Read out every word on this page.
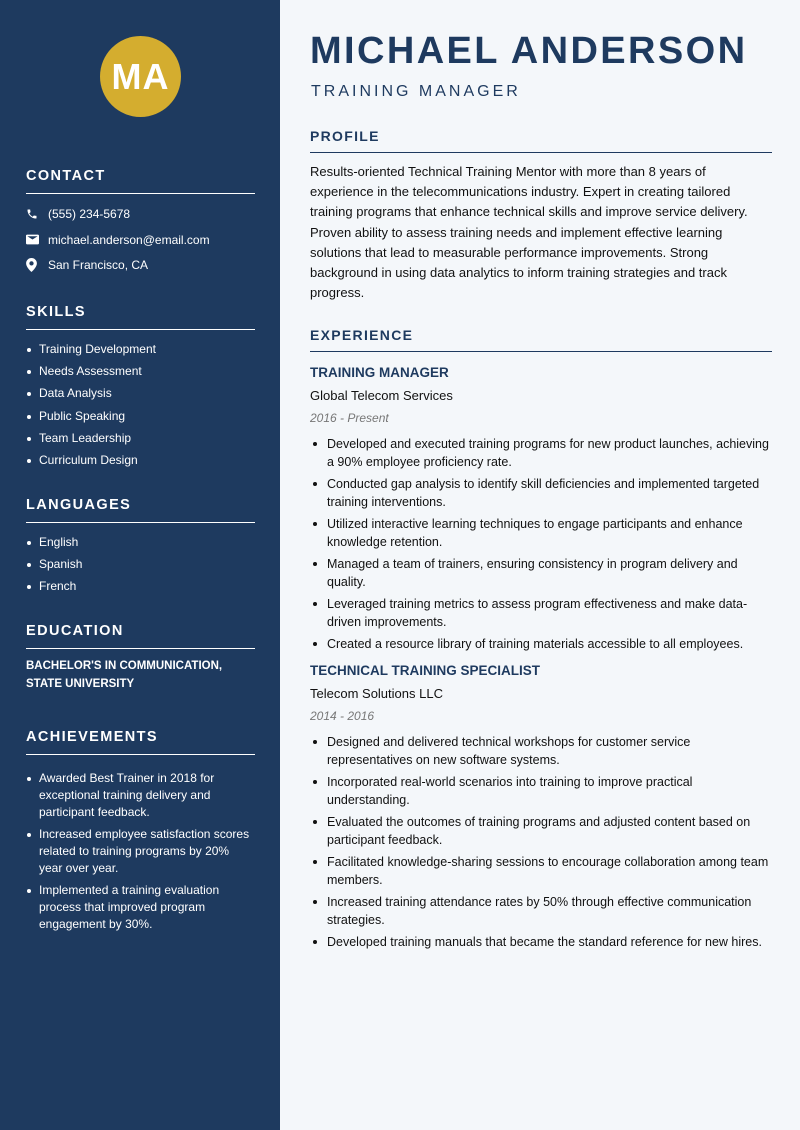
MA
CONTACT
(555) 234-5678
michael.anderson@email.com
San Francisco, CA
SKILLS
Training Development
Needs Assessment
Data Analysis
Public Speaking
Team Leadership
Curriculum Design
LANGUAGES
English
Spanish
French
EDUCATION
BACHELOR'S IN COMMUNICATION, STATE UNIVERSITY
ACHIEVEMENTS
Awarded Best Trainer in 2018 for exceptional training delivery and participant feedback.
Increased employee satisfaction scores related to training programs by 20% year over year.
Implemented a training evaluation process that improved program engagement by 30%.
MICHAEL ANDERSON
TRAINING MANAGER
PROFILE
Results-oriented Technical Training Mentor with more than 8 years of experience in the telecommunications industry. Expert in creating tailored training programs that enhance technical skills and improve service delivery. Proven ability to assess training needs and implement effective learning solutions that lead to measurable performance improvements. Strong background in using data analytics to inform training strategies and track progress.
EXPERIENCE
TRAINING MANAGER
Global Telecom Services
2016 - Present
Developed and executed training programs for new product launches, achieving a 90% employee proficiency rate.
Conducted gap analysis to identify skill deficiencies and implemented targeted training interventions.
Utilized interactive learning techniques to engage participants and enhance knowledge retention.
Managed a team of trainers, ensuring consistency in program delivery and quality.
Leveraged training metrics to assess program effectiveness and make data-driven improvements.
Created a resource library of training materials accessible to all employees.
TECHNICAL TRAINING SPECIALIST
Telecom Solutions LLC
2014 - 2016
Designed and delivered technical workshops for customer service representatives on new software systems.
Incorporated real-world scenarios into training to improve practical understanding.
Evaluated the outcomes of training programs and adjusted content based on participant feedback.
Facilitated knowledge-sharing sessions to encourage collaboration among team members.
Increased training attendance rates by 50% through effective communication strategies.
Developed training manuals that became the standard reference for new hires.
